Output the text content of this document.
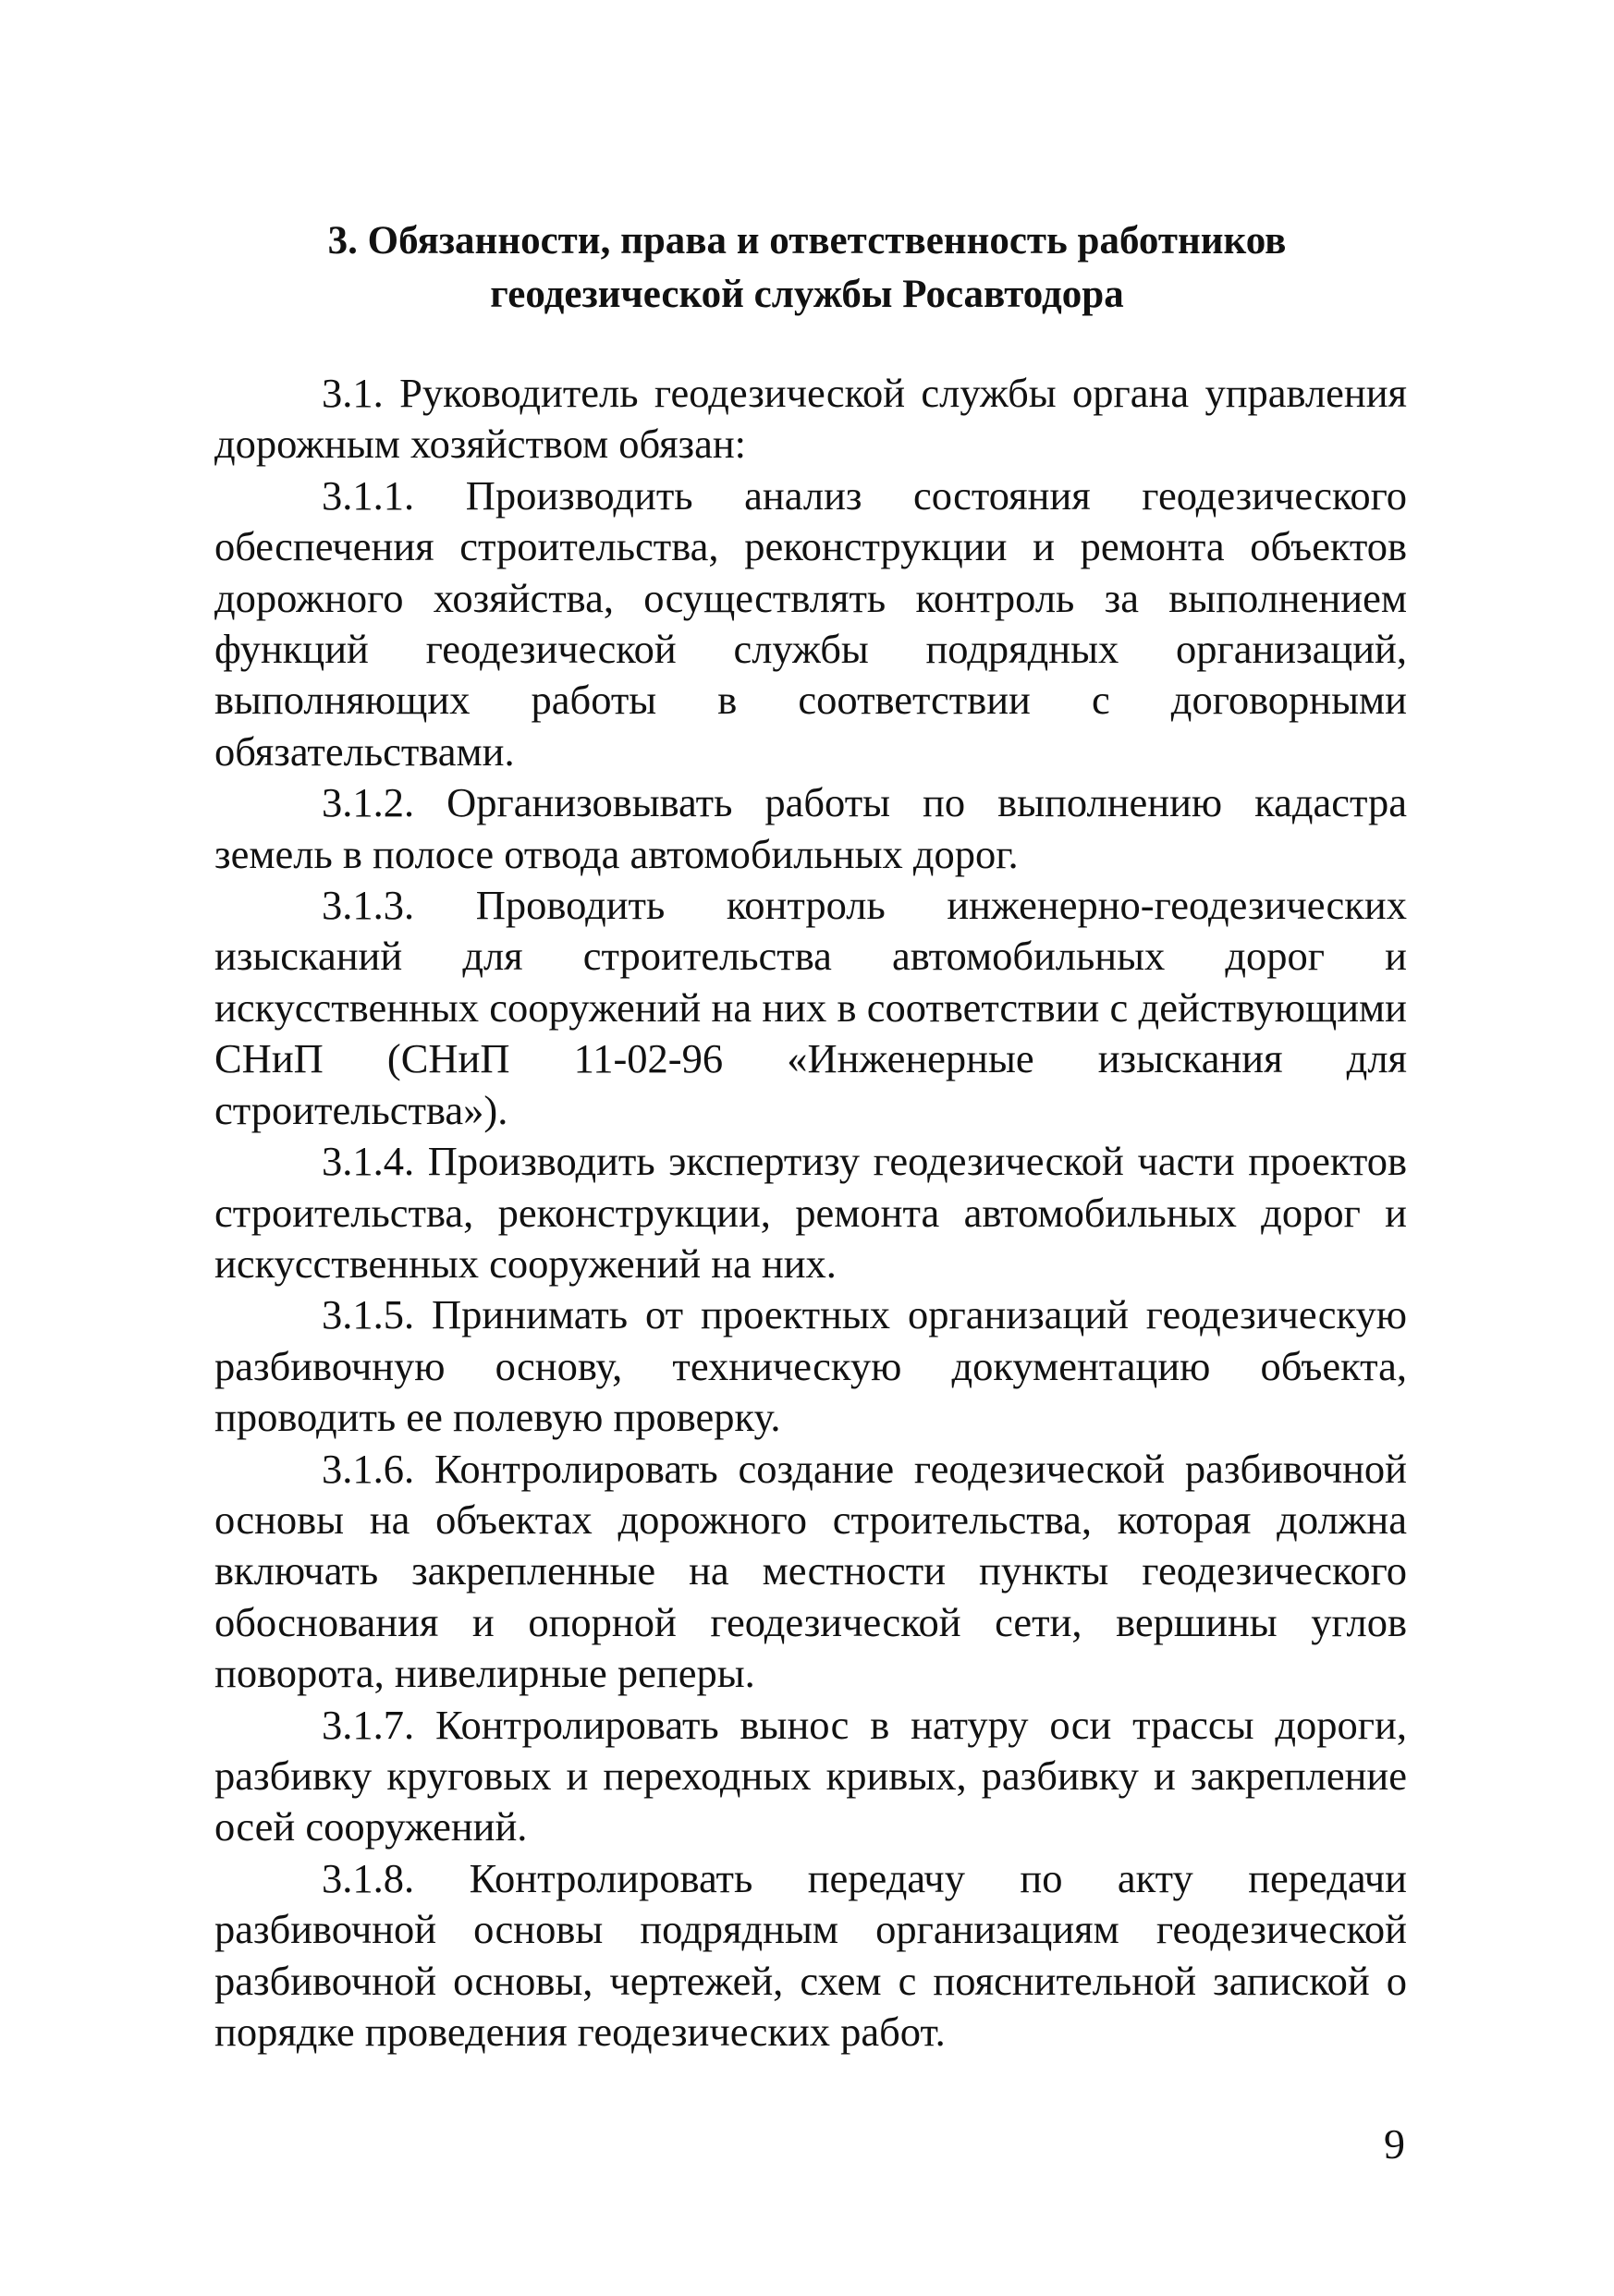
3. Обязанности, права и ответственность работников
геодезической службы Росавтодора

3.1. Руководитель геодезической службы органа управления дорожным хозяйством обязан:

3.1.1. Производить анализ состояния геодезического обеспечения строительства, реконструкции и ремонта объектов дорожного хозяйства, осуществлять контроль за выполнением функций геодезической службы подрядных организаций, выполняющих работы в соответствии с договорными обязательствами.

3.1.2. Организовывать работы по выполнению кадастра земель в полосе отвода автомобильных дорог.

3.1.3. Проводить контроль инженерно-геодезических изысканий для строительства автомобильных дорог и искусственных сооружений на них в соответствии с действующими СНиП (СНиП 11-02-96 «Инженерные изыскания для строительства»).

3.1.4. Производить экспертизу геодезической части проектов строительства, реконструкции, ремонта автомобильных дорог и искусственных сооружений на них.

3.1.5. Принимать от проектных организаций геодезическую разбивочную основу, техническую документацию объекта, проводить ее полевую проверку.

3.1.6. Контролировать создание геодезической разбивочной основы на объектах дорожного строительства, которая должна включать закрепленные на местности пункты геодезического обоснования и опорной геодезической сети, вершины углов поворота, нивелирные реперы.

3.1.7. Контролировать вынос в натуру оси трассы дороги, разбивку круговых и переходных кривых, разбивку и закрепление осей сооружений.

3.1.8. Контролировать передачу по акту передачи разбивочной основы подрядным организациям геодезической разбивочной основы, чертежей, схем с пояснительной запиской о порядке проведения геодезических работ.

9
